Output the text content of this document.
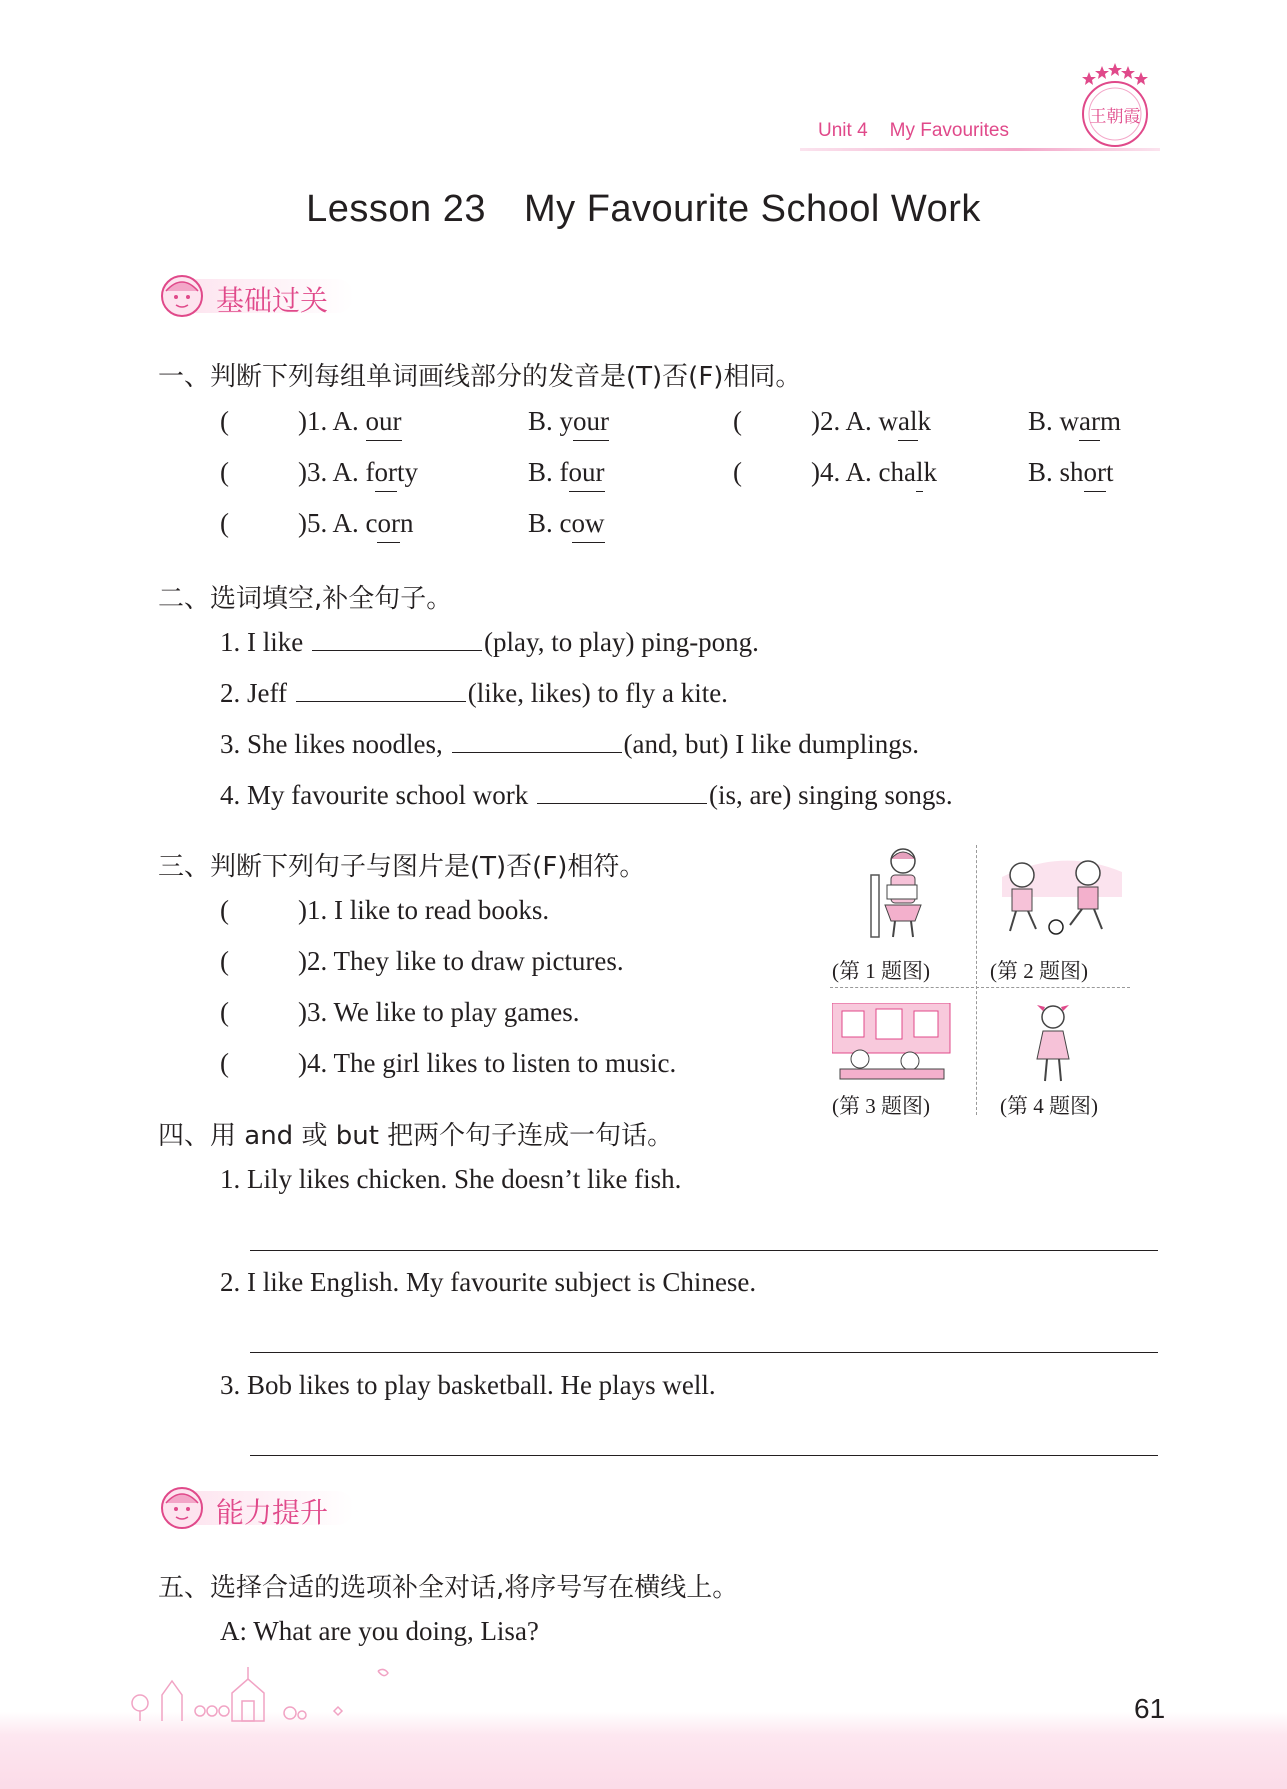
Unit 4 My Favourites
王朝霞
Lesson 23 My Favourite School Work
基础过关
一、判断下列每组单词画线部分的发音是(T)否(F)相同。
(	)1. A. our	B. your	(	)2. A. walk	B. warm
(	)3. A. forty	B. four	(	)4. A. chalk	B. short
(	)5. A. corn	B. cow
二、选词填空,补全句子。
1. I like	(play, to play) ping-pong.
2. Jeff	(like, likes) to fly a kite.
3. She likes noodles,	(and, but) I like dumplings.
4. My favourite school work	(is, are) singing songs.
三、判断下列句子与图片是(T)否(F)相符。
(	)1. I like to read books.
(	)2. They like to draw pictures.
(	)3. We like to play games.
(	)4. The girl likes to listen to music.
(第 1 题图)	(第 2 题图)
(第 3 题图)	(第 4 题图)
四、用 and 或 but 把两个句子连成一句话。
1. Lily likes chicken. She doesn’t like fish.
2. I like English. My favourite subject is Chinese.
3. Bob likes to play basketball. He plays well.
能力提升
五、选择合适的选项补全对话,将序号写在横线上。
A: What are you doing, Lisa?
61
